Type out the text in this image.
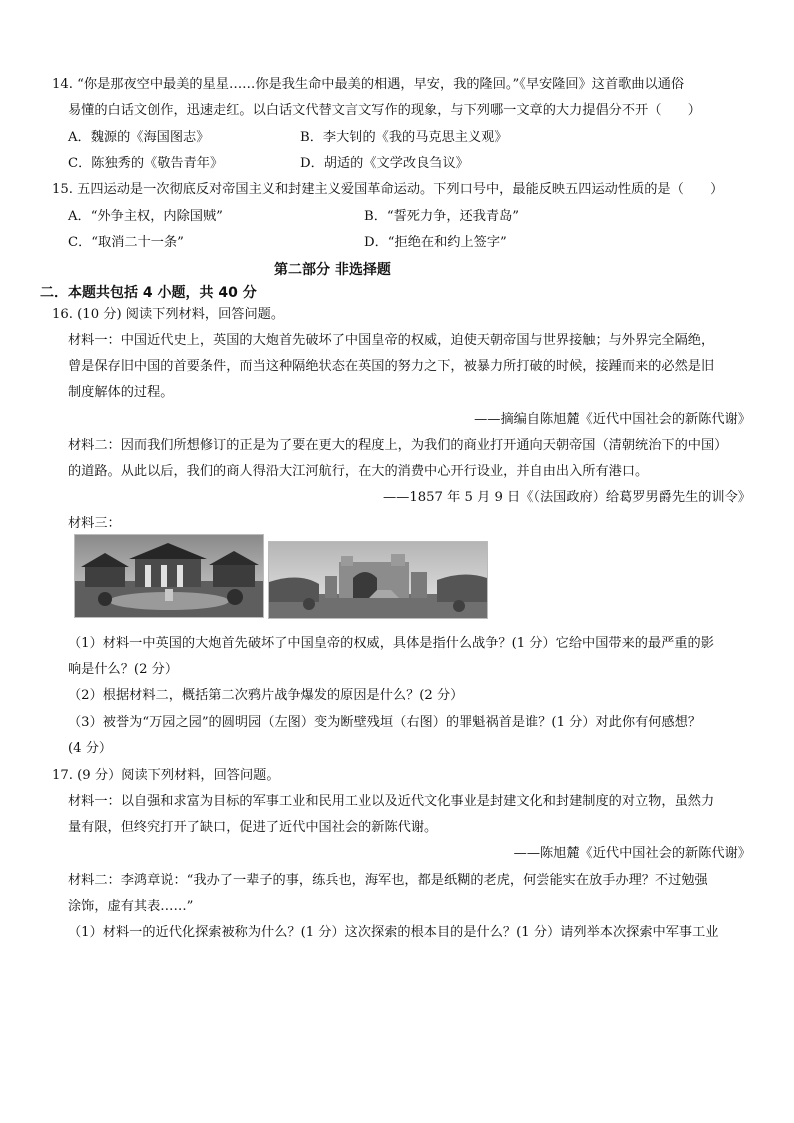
14. “你是那夜空中最美的星星……你是我生命中最美的相遇，早安，我的隆回。”《早安隆回》这首歌曲以通俗
易懂的白话文创作，迅速走红。以白话文代替文言文写作的现象，与下列哪一文章的大力提倡分不开（　　）
A．魏源的《海国图志》	B．李大钊的《我的马克思主义观》
C．陈独秀的《敬告青年》	D．胡适的《文学改良刍议》
15. 五四运动是一次彻底反对帝国主义和封建主义爱国革命运动。下列口号中，最能反映五四运动性质的是（　　）
A．“外争主权，内除国贼”	B．“誓死力争，还我青岛”
C．“取消二十一条”	D．“拒绝在和约上签字”
第二部分 非选择题
二．本题共包括 4 小题，共 40 分
16. (10 分) 阅读下列材料，回答问题。
材料一：中国近代史上，英国的大炮首先破坏了中国皇帝的权威，迫使天朝帝国与世界接触；与外界完全隔绝，
曾是保存旧中国的首要条件，而当这种隔绝状态在英国的努力之下，被暴力所打破的时候，接踵而来的必然是旧
制度解体的过程。
——摘编自陈旭麓《近代中国社会的新陈代谢》
材料二：因而我们所想修订的正是为了要在更大的程度上，为我们的商业打开通向天朝帝国（清朝统治下的中国）
的道路。从此以后，我们的商人得沿大江河航行，在大的消费中心开行设业，并自由出入所有港口。
——1857 年 5 月 9 日《（法国政府）给葛罗男爵先生的训令》
材料三：
（1）材料一中英国的大炮首先破坏了中国皇帝的权威，具体是指什么战争？(1 分）它给中国带来的最严重的影
响是什么？(2 分）
（2）根据材料二，概括第二次鸦片战争爆发的原因是什么？(2 分）
（3）被誉为“万园之园”的圆明园（左图）变为断壁残垣（右图）的罪魁祸首是谁？(1 分）对此你有何感想？
(4 分）
17. (9 分）阅读下列材料，回答问题。
材料一：以自强和求富为目标的军事工业和民用工业以及近代文化事业是封建文化和封建制度的对立物，虽然力
量有限，但终究打开了缺口，促进了近代中国社会的新陈代谢。
——陈旭麓《近代中国社会的新陈代谢》
材料二：李鸿章说：“我办了一辈子的事，练兵也，海军也，都是纸糊的老虎，何尝能实在放手办理？不过勉强
涂饰，虚有其表……”
（1）材料一的近代化探索被称为什么？(1 分）这次探索的根本目的是什么？(1 分）请列举本次探索中军事工业
